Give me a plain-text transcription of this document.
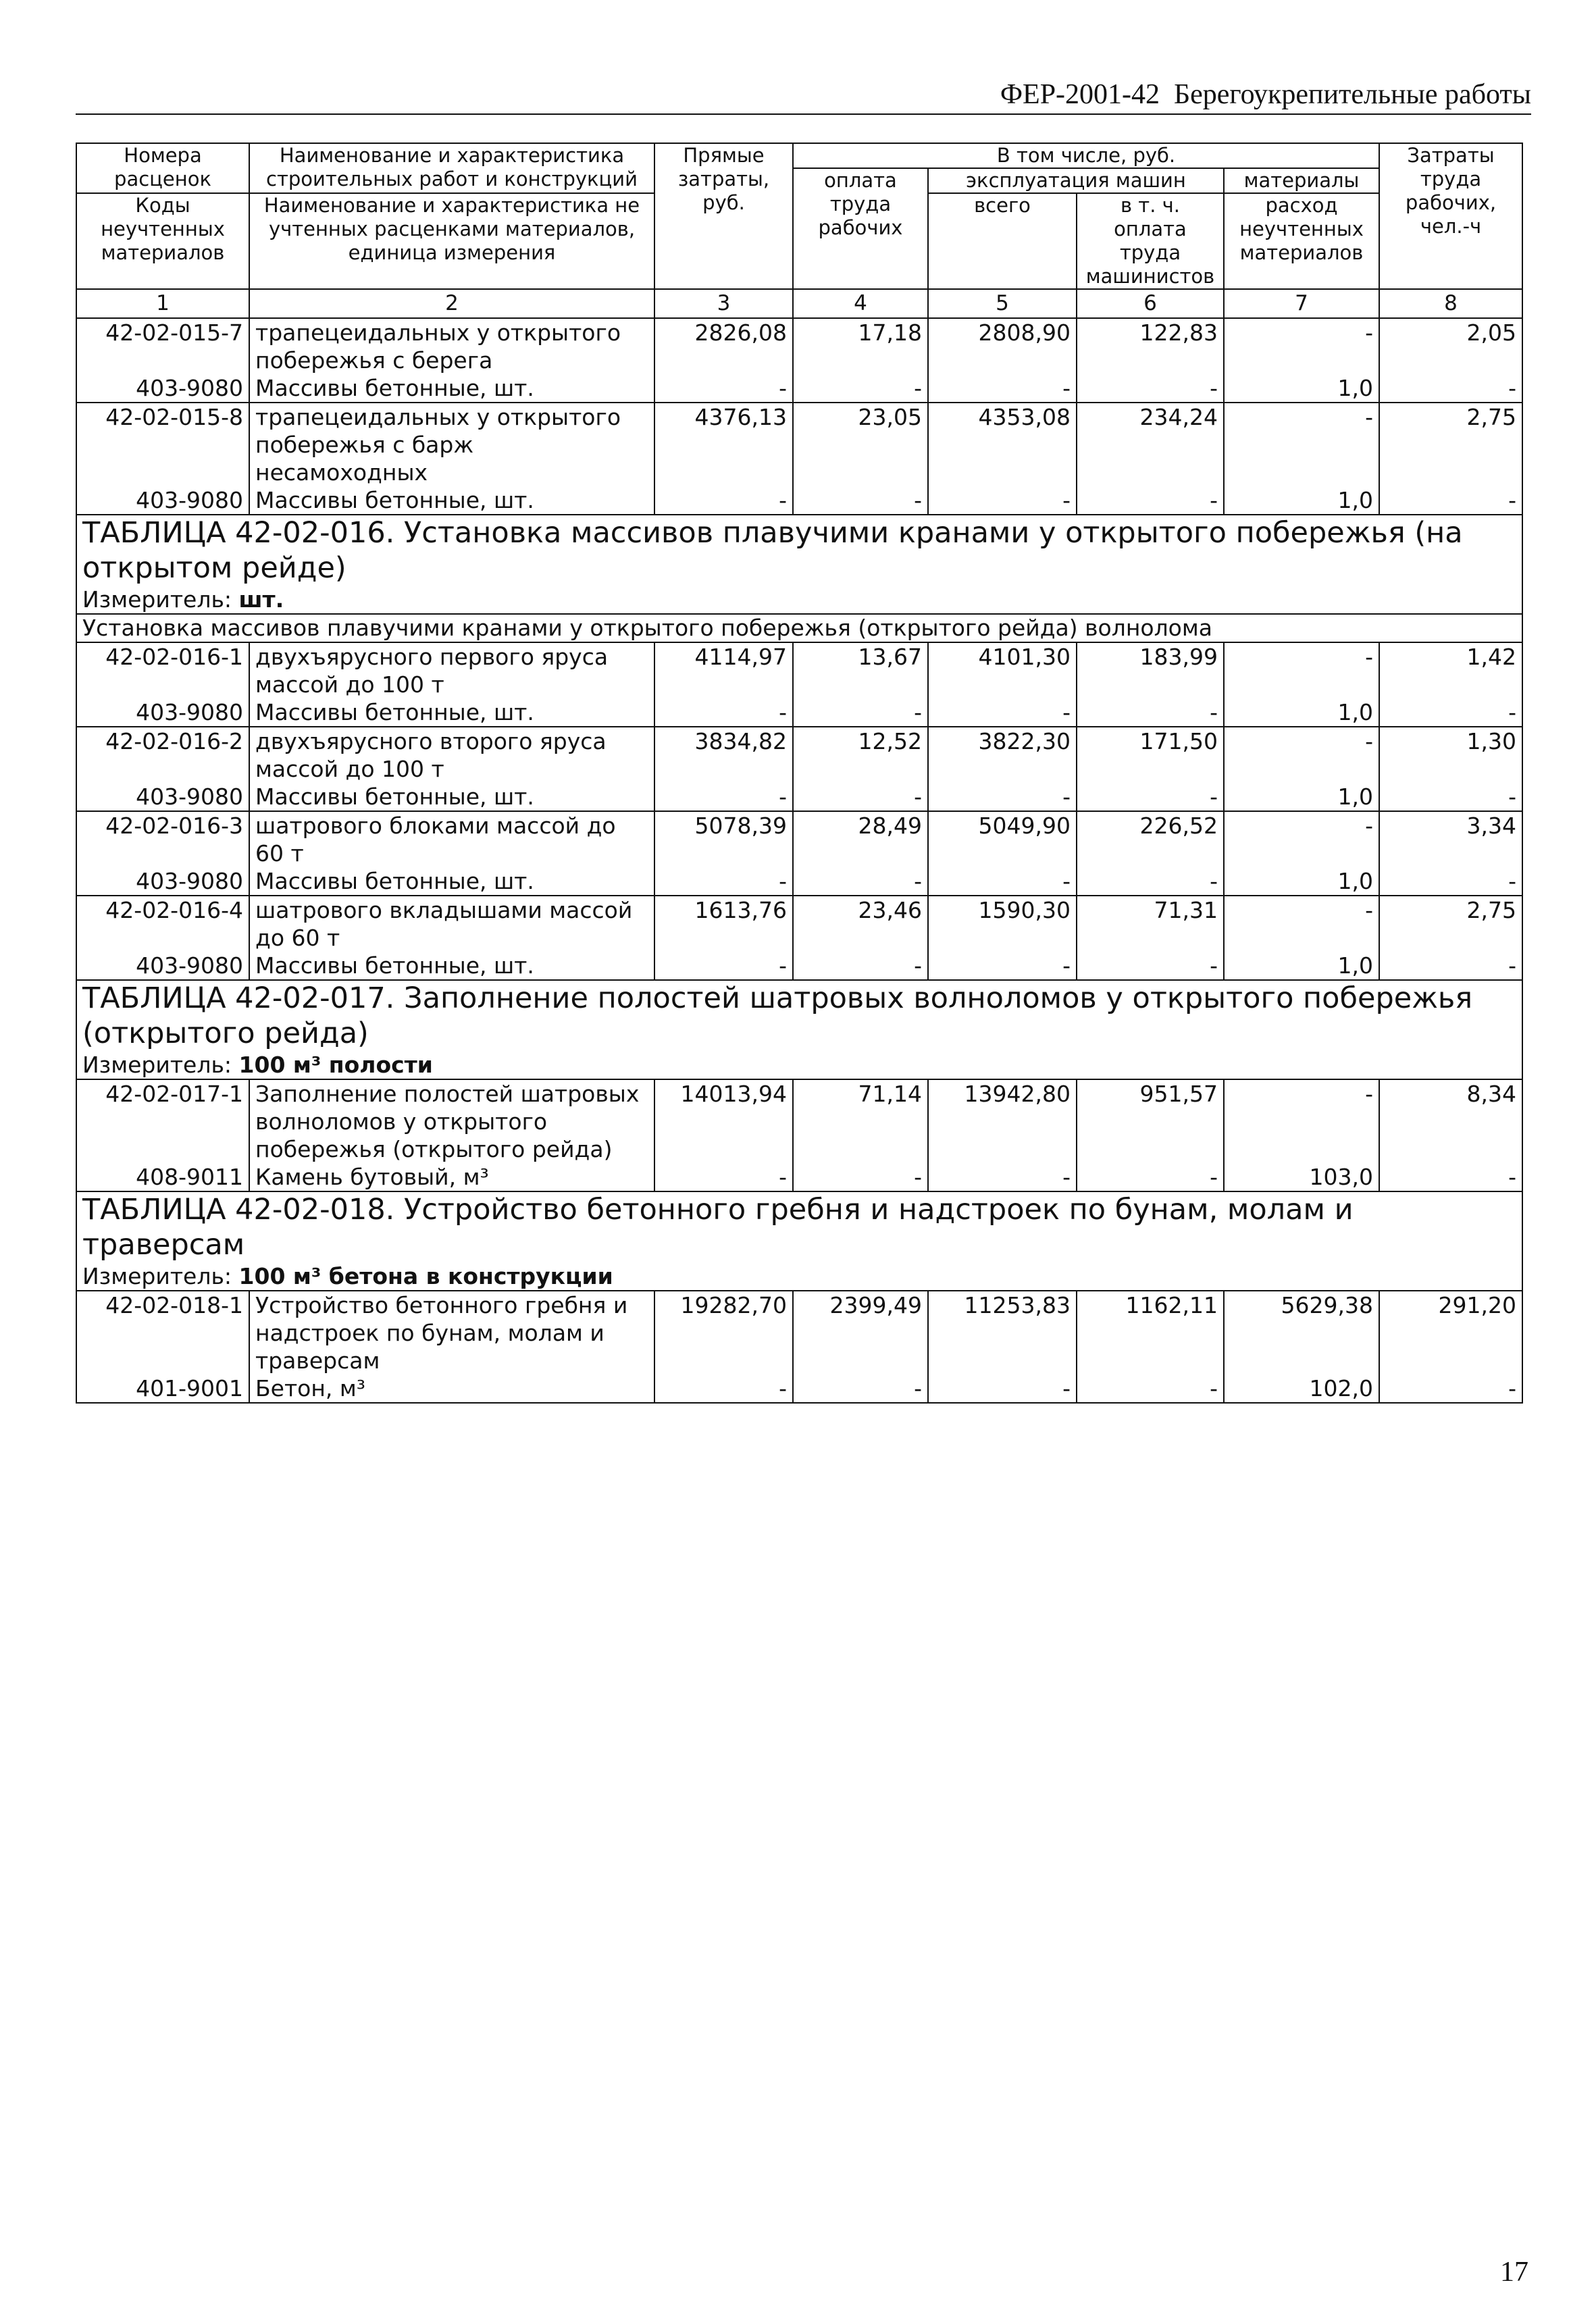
ФЕР-2001-42 Берегоукрепительные работы
Номера расценок	Наименование и характеристика строительных работ и конструкций	Прямые затраты, руб.	В том числе, руб.				Затраты труда рабочих, чел.-ч
			оплата труда рабочих	эксплуатация машин		материалы	
Коды неучтенных материалов	Наименование и характеристика не учтенных расценками материалов, единица измерения			всего	в т. ч. оплата труда машинистов	расход неучтенных материалов	

1	2	3	4	5	6	7	8
42-02-015-7	трапецеидальных у открытого побережья с берега	2826,08	17,18	2808,90	122,83	-	2,05
403-9080	Массивы бетонные, шт.	-	-	-	-	1,0	-
42-02-015-8	трапецеидальных у открытого побережья с барж несамоходных	4376,13	23,05	4353,08	234,24	-	2,75
403-9080	Массивы бетонные, шт.	-	-	-	-	1,0	-
ТАБЛИЦА 42-02-016. Установка массивов плавучими кранами у открытого побережья (на открытом рейде)							
Измеритель: шт.							
Установка массивов плавучими кранами у открытого побережья (открытого рейда) волнолома							
42-02-016-1	двухъярусного первого яруса массой до 100 т	4114,97	13,67	4101,30	183,99	-	1,42
403-9080	Массивы бетонные, шт.	-	-	-	-	1,0	-
42-02-016-2	двухъярусного второго яруса массой до 100 т	3834,82	12,52	3822,30	171,50	-	1,30
403-9080	Массивы бетонные, шт.	-	-	-	-	1,0	-
42-02-016-3	шатрового блоками массой до 60 т	5078,39	28,49	5049,90	226,52	-	3,34
403-9080	Массивы бетонные, шт.	-	-	-	-	1,0	-
42-02-016-4	шатрового вкладышами массой до 60 т	1613,76	23,46	1590,30	71,31	-	2,75
403-9080	Массивы бетонные, шт.	-	-	-	-	1,0	-
ТАБЛИЦА 42-02-017. Заполнение полостей шатровых волноломов у открытого побережья (открытого рейда)							
Измеритель: 100 м³ полости							
42-02-017-1	Заполнение полостей шатровых волноломов у открытого побережья (открытого рейда)	14013,94	71,14	13942,80	951,57	-	8,34
408-9011	Камень бутовый, м³	-	-	-	-	103,0	-
ТАБЛИЦА 42-02-018. Устройство бетонного гребня и надстроек по бунам, молам и траверсам							
Измеритель: 100 м³ бетона в конструкции							
42-02-018-1	Устройство бетонного гребня и надстроек по бунам, молам и траверсам	19282,70	2399,49	11253,83	1162,11	5629,38	291,20
401-9001	Бетон, м³	-	-	-	-	102,0	-
17
